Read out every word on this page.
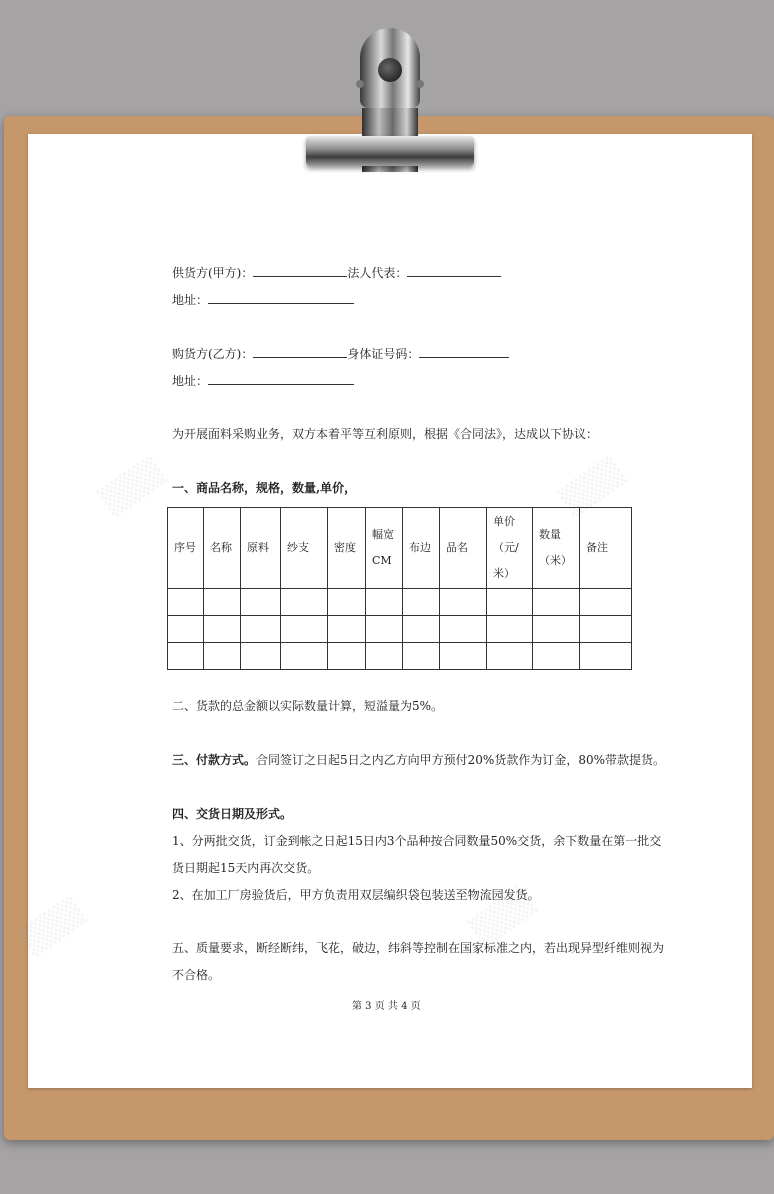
▒▒▒	▒▒▒
▒▒▒	▒▒▒
供货方(甲方)：	法人代表：
地址：
购货方(乙方)：	身体证号码：
地址：
为开展面料采购业务，双方本着平等互利原则，根据《合同法》，达成以下协议：
一、商品名称，规格，数量,单价，
序号	名称	原料	纱支	密度	幅宽CM	布边	品名	单价（元/米）	数量（米）	备注

二、货款的总金额以实际数量计算，短溢量为5%。
三、付款方式。合同签订之日起5日之内乙方向甲方预付20%货款作为订金，80%带款提货。
四、交货日期及形式。
1、分两批交货，订金到帐之日起15日内3个品种按合同数量50%交货，余下数量在第一批交
货日期起15天内再次交货。
2、在加工厂房验货后，甲方负责用双层编织袋包装送至物流园发货。
五、质量要求，断经断纬，飞花，破边，纬斜等控制在国家标准之内，若出现异型纤维则视为
不合格。
第 3 页 共 4 页
